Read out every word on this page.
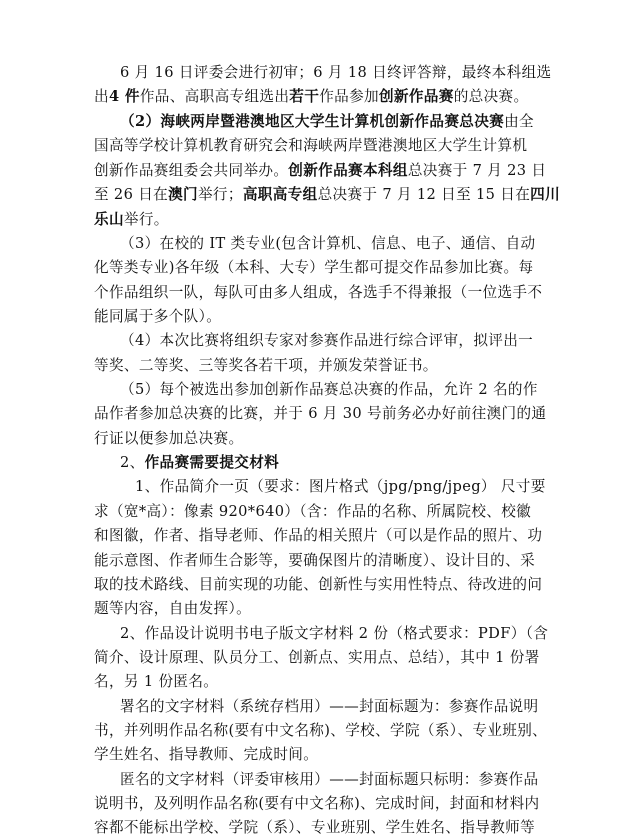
6 月 16 日评委会进行初审；6 月 18 日终评答辩，最终本科组选
出4 件作品、高职高专组选出若干作品参加创新作品赛的总决赛。
（2）海峡两岸暨港澳地区大学生计算机创新作品赛总决赛由全
国高等学校计算机教育研究会和海峡两岸暨港澳地区大学生计算机
创新作品赛组委会共同举办。创新作品赛本科组总决赛于 7 月 23 日
至 26 日在澳门举行；高职高专组总决赛于 7 月 12 日至 15 日在四川
乐山举行。
（3）在校的 IT 类专业(包含计算机、信息、电子、通信、自动
化等类专业)各年级（本科、大专）学生都可提交作品参加比赛。每
个作品组织一队，每队可由多人组成，各选手不得兼报（一位选手不
能同属于多个队）。
（4）本次比赛将组织专家对参赛作品进行综合评审，拟评出一
等奖、二等奖、三等奖各若干项，并颁发荣誉证书。
（5）每个被选出参加创新作品赛总决赛的作品，允许 2 名的作
品作者参加总决赛的比赛，并于 6 月 30 号前务必办好前往澳门的通
行证以便参加总决赛。
2、作品赛需要提交材料
1、作品简介一页（要求：图片格式（jpg/png/jpeg） 尺寸要
求（宽*高）：像素 920*640）（含：作品的名称、所属院校、校徽
和图徽，作者、指导老师、作品的相关照片（可以是作品的照片、功
能示意图、作者师生合影等，要确保图片的清晰度）、设计目的、采
取的技术路线、目前实现的功能、创新性与实用性特点、待改进的问
题等内容，自由发挥）。
2、作品设计说明书电子版文字材料 2 份（格式要求：PDF）（含
简介、设计原理、队员分工、创新点、实用点、总结），其中 1 份署
名，另 1 份匿名。
署名的文字材料（系统存档用）——封面标题为：参赛作品说明
书，并列明作品名称(要有中文名称)、学校、学院（系）、专业班别、
学生姓名、指导教师、完成时间。
匿名的文字材料（评委审核用）——封面标题只标明：参赛作品
说明书，及列明作品名称(要有中文名称)、完成时间，封面和材料内
容都不能标出学校、学院（系）、专业班别、学生姓名、指导教师等
